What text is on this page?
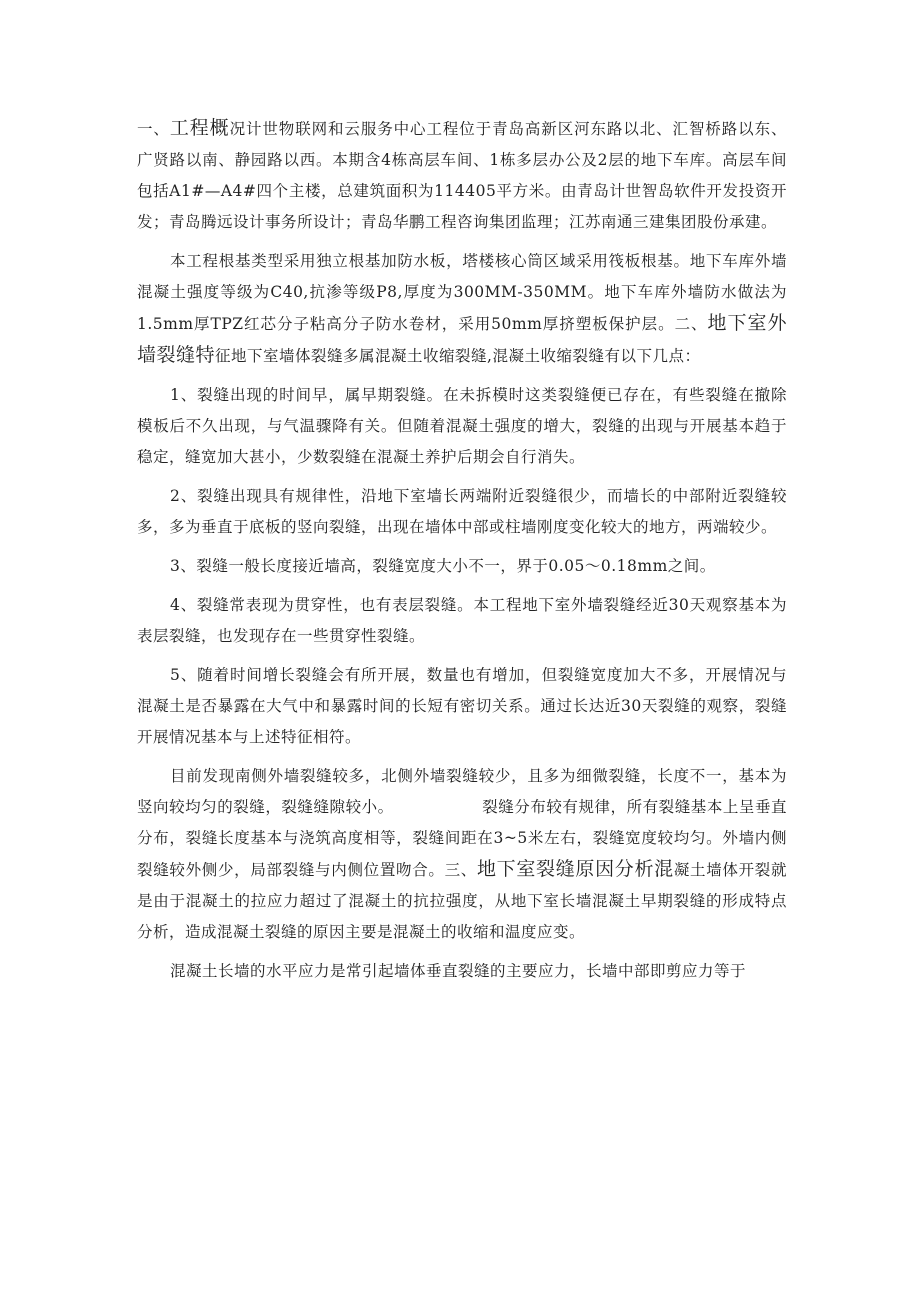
一、工程概况计世物联网和云服务中心工程位于青岛高新区河东路以北、汇智桥路以东、广贤路以南、静园路以西。本期含4栋高层车间、1栋多层办公及2层的地下车库。高层车间包括A1#—A4#四个主楼，总建筑面积为114405平方米。由青岛计世智岛软件开发投资开发；青岛腾远设计事务所设计；青岛华鹏工程咨询集团监理；江苏南通三建集团股份承建。

本工程根基类型采用独立根基加防水板，塔楼核心筒区域采用筏板根基。地下车库外墙混凝土强度等级为C40,抗渗等级P8,厚度为300MM-350MM。地下车库外墙防水做法为1.5mm厚TPZ红芯分子粘高分子防水卷材，采用50mm厚挤塑板保护层。二、地下室外墙裂缝特征地下室墙体裂缝多属混凝土收缩裂缝,混凝土收缩裂缝有以下几点：

1、裂缝出现的时间早，属早期裂缝。在未拆模时这类裂缝便已存在，有些裂缝在撤除模板后不久出现，与气温骤降有关。但随着混凝土强度的增大，裂缝的出现与开展基本趋于稳定，缝宽加大甚小，少数裂缝在混凝土养护后期会自行消失。

2、裂缝出现具有规律性，沿地下室墙长两端附近裂缝很少，而墙长的中部附近裂缝较多，多为垂直于底板的竖向裂缝，出现在墙体中部或柱墙刚度变化较大的地方，两端较少。

3、裂缝一般长度接近墙高，裂缝宽度大小不一，界于0.05～0.18mm之间。

4、裂缝常表现为贯穿性，也有表层裂缝。本工程地下室外墙裂缝经近30天观察基本为表层裂缝，也发现存在一些贯穿性裂缝。

5、随着时间增长裂缝会有所开展，数量也有增加，但裂缝宽度加大不多，开展情况与混凝土是否暴露在大气中和暴露时间的长短有密切关系。通过长达近30天裂缝的观察，裂缝开展情况基本与上述特征相符。

目前发现南侧外墙裂缝较多，北侧外墙裂缝较少，且多为细微裂缝，长度不一，基本为竖向较均匀的裂缝，裂缝缝隙较小。　　　　　　裂缝分布较有规律，所有裂缝基本上呈垂直分布，裂缝长度基本与浇筑高度相等，裂缝间距在3~5米左右，裂缝宽度较均匀。外墙内侧裂缝较外侧少，局部裂缝与内侧位置吻合。三、地下室裂缝原因分析混凝土墙体开裂就是由于混凝土的拉应力超过了混凝土的抗拉强度，从地下室长墙混凝土早期裂缝的形成特点分析，造成混凝土裂缝的原因主要是混凝土的收缩和温度应变。

混凝土长墙的水平应力是常引起墙体垂直裂缝的主要应力，长墙中部即剪应力等于
